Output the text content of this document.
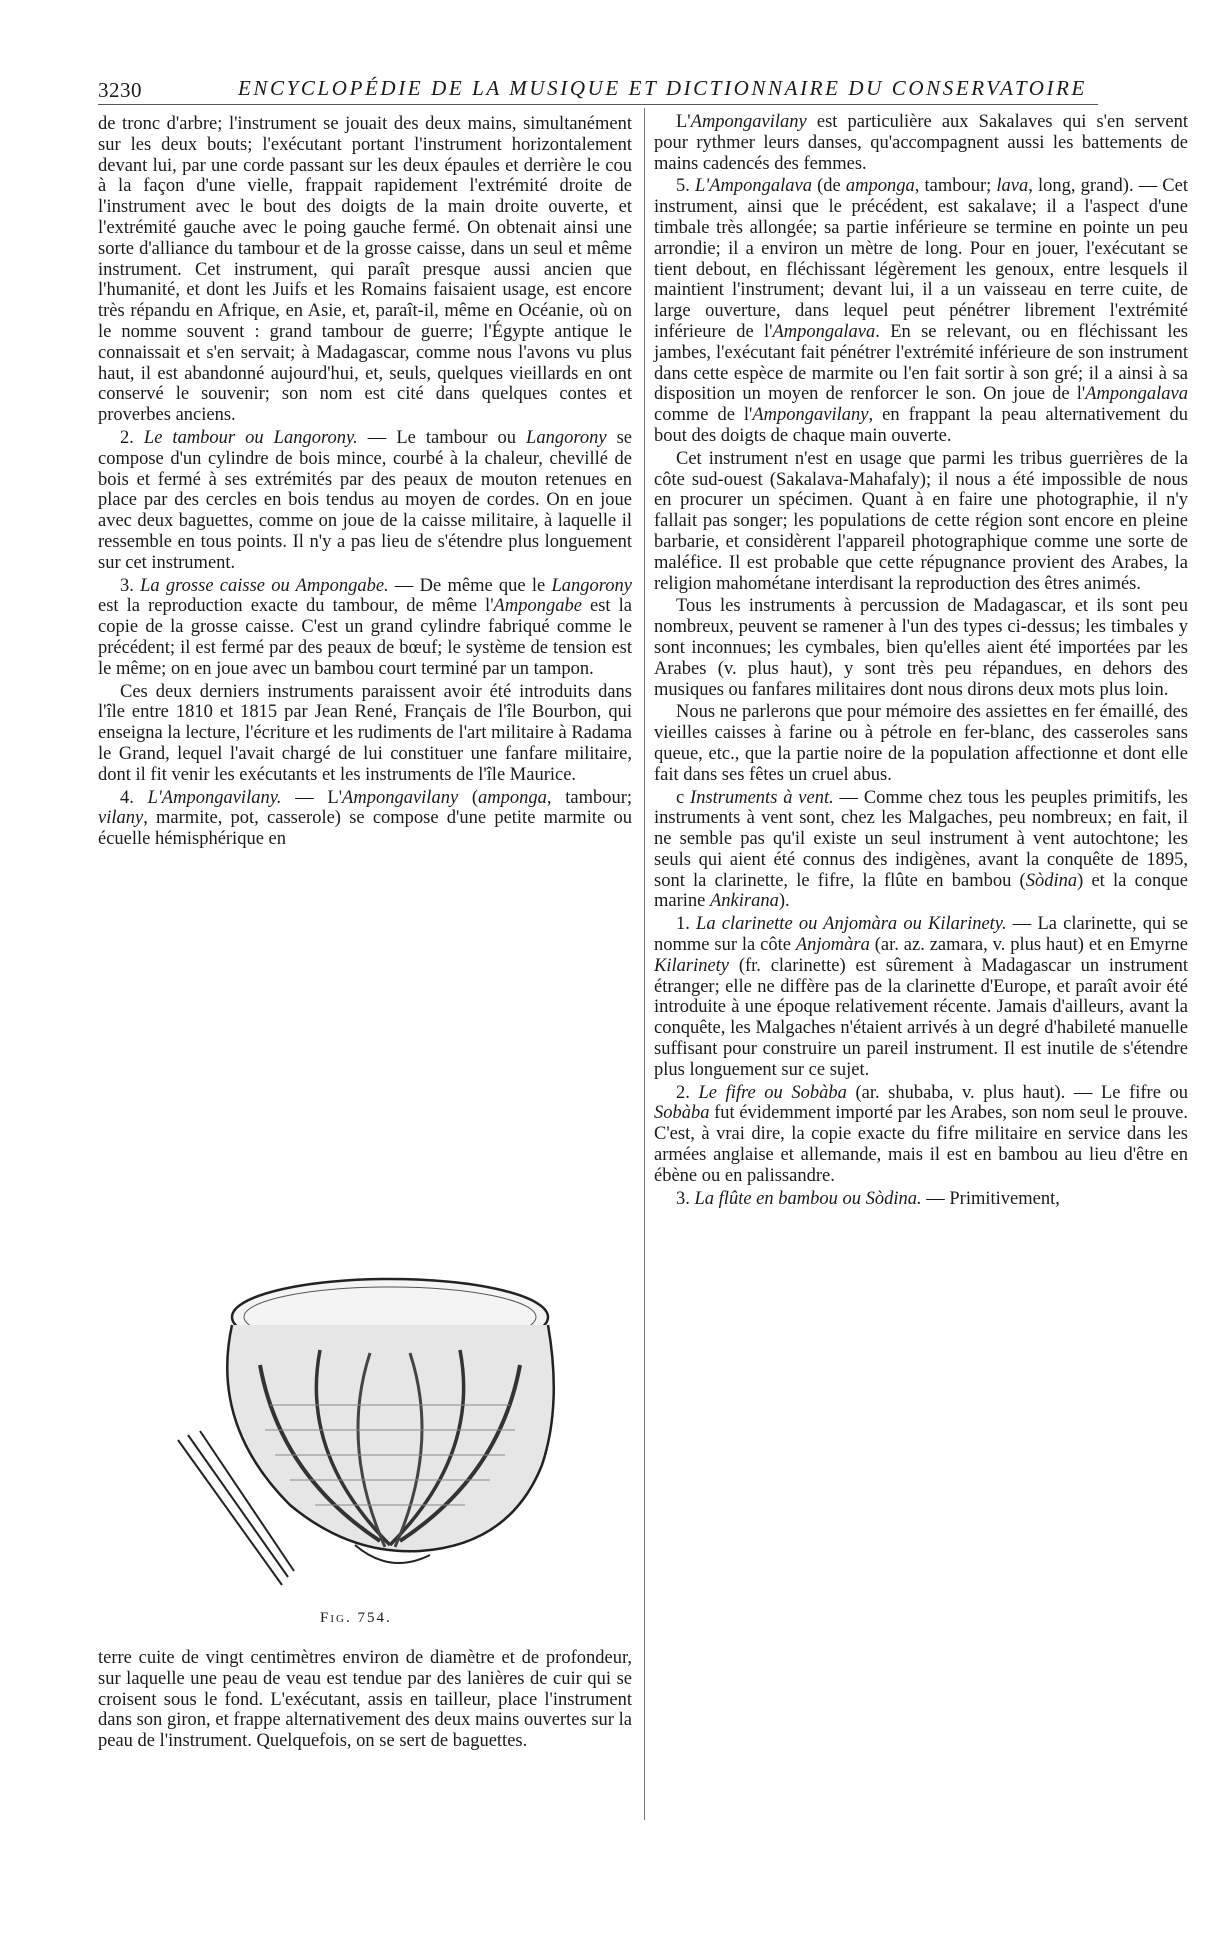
3230	ENCYCLOPÉDIE DE LA MUSIQUE ET DICTIONNAIRE DU CONSERVATOIRE

de tronc d'arbre; l'instrument se jouait des deux mains, simultanément sur les deux bouts; l'exécutant portant l'instrument horizontalement devant lui, par une corde passant sur les deux épaules et derrière le cou à la façon d'une vielle, frappait rapidement l'extrémité droite de l'instrument avec le bout des doigts de la main droite ouverte, et l'extrémité gauche avec le poing gauche fermé. On obtenait ainsi une sorte d'alliance du tambour et de la grosse caisse, dans un seul et même instrument. Cet instrument, qui paraît presque aussi ancien que l'humanité, et dont les Juifs et les Romains faisaient usage, est encore très répandu en Afrique, en Asie, et, paraît-il, même en Océanie, où on le nomme souvent : grand tambour de guerre; l'Égypte antique le connaissait et s'en servait; à Madagascar, comme nous l'avons vu plus haut, il est abandonné aujourd'hui, et, seuls, quelques vieillards en ont conservé le souvenir; son nom est cité dans quelques contes et proverbes anciens.

2. Le tambour ou Langorony. — Le tambour ou Langorony se compose d'un cylindre de bois mince, courbé à la chaleur, chevillé de bois et fermé à ses extrémités par des peaux de mouton retenues en place par des cercles en bois tendus au moyen de cordes. On en joue avec deux baguettes, comme on joue de la caisse militaire, à laquelle il ressemble en tous points. Il n'y a pas lieu de s'étendre plus longuement sur cet instrument.

3. La grosse caisse ou Ampongabe. — De même que le Langorony est la reproduction exacte du tambour, de même l'Ampongabe est la copie de la grosse caisse. C'est un grand cylindre fabriqué comme le précédent; il est fermé par des peaux de bœuf; le système de tension est le même; on en joue avec un bambou court terminé par un tampon.

Ces deux derniers instruments paraissent avoir été introduits dans l'île entre 1810 et 1815 par Jean René, Français de l'île Bourbon, qui enseigna la lecture, l'écriture et les rudiments de l'art militaire à Radama le Grand, lequel l'avait chargé de lui constituer une fanfare militaire, dont il fit venir les exécutants et les instruments de l'île Maurice.

4. L'Ampongavilany. — L'Ampongavilany (amponga, tambour; vilany, marmite, pot, casserole) se compose d'une petite marmite ou écuelle hémisphérique en

Fig. 754.

terre cuite de vingt centimètres environ de diamètre et de profondeur, sur laquelle une peau de veau est tendue par des lanières de cuir qui se croisent sous le fond. L'exécutant, assis en tailleur, place l'instrument dans son giron, et frappe alternativement des deux mains ouvertes sur la peau de l'instrument. Quelquefois, on se sert de baguettes.

L'Ampongavilany est particulière aux Sakalaves qui s'en servent pour rythmer leurs danses, qu'accompagnent aussi les battements de mains cadencés des femmes.

5. L'Ampongalava (de amponga, tambour; lava, long, grand). — Cet instrument, ainsi que le précédent, est sakalave; il a l'aspect d'une timbale très allongée; sa partie inférieure se termine en pointe un peu arrondie; il a environ un mètre de long. Pour en jouer, l'exécutant se tient debout, en fléchissant légèrement les genoux, entre lesquels il maintient l'instrument; devant lui, il a un vaisseau en terre cuite, de large ouverture, dans lequel peut pénétrer librement l'extrémité inférieure de l'Ampongalava. En se relevant, ou en fléchissant les jambes, l'exécutant fait pénétrer l'extrémité inférieure de son instrument dans cette espèce de marmite ou l'en fait sortir à son gré; il a ainsi à sa disposition un moyen de renforcer le son. On joue de l'Ampongalava comme de l'Ampongavilany, en frappant la peau alternativement du bout des doigts de chaque main ouverte.

Cet instrument n'est en usage que parmi les tribus guerrières de la côte sud-ouest (Sakalava-Mahafaly); il nous a été impossible de nous en procurer un spécimen. Quant à en faire une photographie, il n'y fallait pas songer; les populations de cette région sont encore en pleine barbarie, et considèrent l'appareil photographique comme une sorte de maléfice. Il est probable que cette répugnance provient des Arabes, la religion mahométane interdisant la reproduction des êtres animés.

Tous les instruments à percussion de Madagascar, et ils sont peu nombreux, peuvent se ramener à l'un des types ci-dessus; les timbales y sont inconnues; les cymbales, bien qu'elles aient été importées par les Arabes (v. plus haut), y sont très peu répandues, en dehors des musiques ou fanfares militaires dont nous dirons deux mots plus loin.

Nous ne parlerons que pour mémoire des assiettes en fer émaillé, des vieilles caisses à farine ou à pétrole en fer-blanc, des casseroles sans queue, etc., que la partie noire de la population affectionne et dont elle fait dans ses fêtes un cruel abus.

c Instruments à vent. — Comme chez tous les peuples primitifs, les instruments à vent sont, chez les Malgaches, peu nombreux; en fait, il ne semble pas qu'il existe un seul instrument à vent autochtone; les seuls qui aient été connus des indigènes, avant la conquête de 1895, sont la clarinette, le fifre, la flûte en bambou (Sòdina) et la conque marine Ankirana).

1. La clarinette ou Anjomàra ou Kilarinety. — La clarinette, qui se nomme sur la côte Anjomàra (ar. az. zamara, v. plus haut) et en Emyrne Kilarinety (fr. clarinette) est sûrement à Madagascar un instrument étranger; elle ne diffère pas de la clarinette d'Europe, et paraît avoir été introduite à une époque relativement récente. Jamais d'ailleurs, avant la conquête, les Malgaches n'étaient arrivés à un degré d'habileté manuelle suffisant pour construire un pareil instrument. Il est inutile de s'étendre plus longuement sur ce sujet.

2. Le fifre ou Sobàba (ar. shubaba, v. plus haut). — Le fifre ou Sobàba fut évidemment importé par les Arabes, son nom seul le prouve. C'est, à vrai dire, la copie exacte du fifre militaire en service dans les armées anglaise et allemande, mais il est en bambou au lieu d'être en ébène ou en palissandre.

3. La flûte en bambou ou Sòdina. — Primitivement,
